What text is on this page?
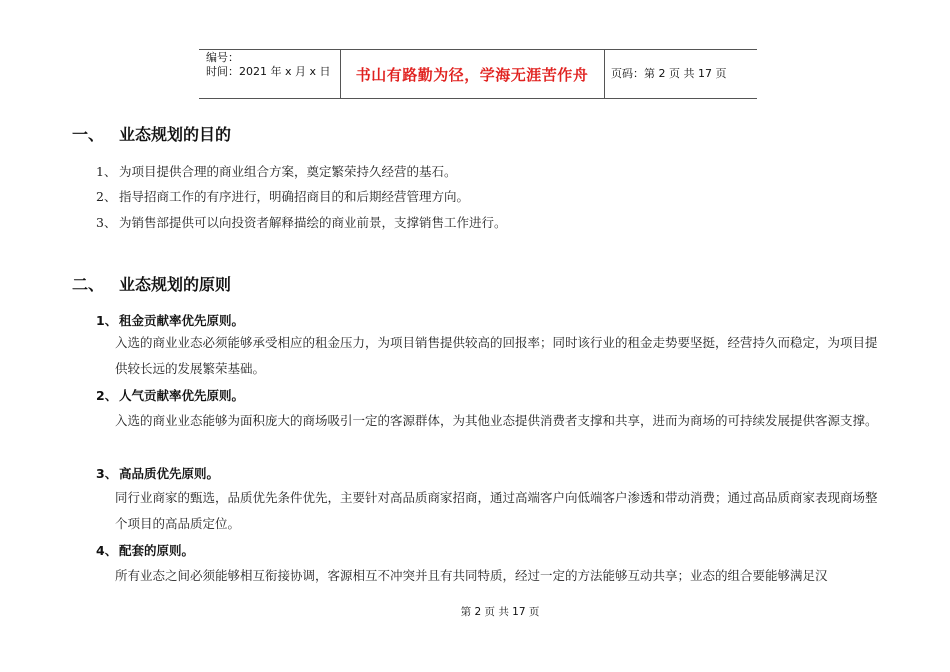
编号：
时间：2021 年 x 月 x 日 书山有路勤为径，学海无涯苦作舟	页码：第 2 页 共 17 页
一、 业态规划的目的
1、 为项目提供合理的商业组合方案，奠定繁荣持久经营的基石。
2、 指导招商工作的有序进行，明确招商目的和后期经营管理方向。
3、 为销售部提供可以向投资者解释描绘的商业前景，支撑销售工作进行。
二、 业态规划的原则
1、 租金贡献率优先原则。
入选的商业业态必须能够承受相应的租金压力，为项目销售提供较高的回报率；同时该行业的租金走势要坚挺，经营持久而稳定，为项目提供较长远的发展繁荣基础。
2、 人气贡献率优先原则。
入选的商业业态能够为面积庞大的商场吸引一定的客源群体，为其他业态提供消费者支撑和共享，进而为商场的可持续发展提供客源支撑。
3、 高品质优先原则。
同行业商家的甄选，品质优先条件优先，主要针对高品质商家招商，通过高端客户向低端客户渗透和带动消费；通过高品质商家表现商场整个项目的高品质定位。
4、 配套的原则。
所有业态之间必须能够相互衔接协调，客源相互不冲突并且有共同特质，经过一定的方法能够互动共享；业态的组合要能够满足汉
第 2 页 共 17 页
